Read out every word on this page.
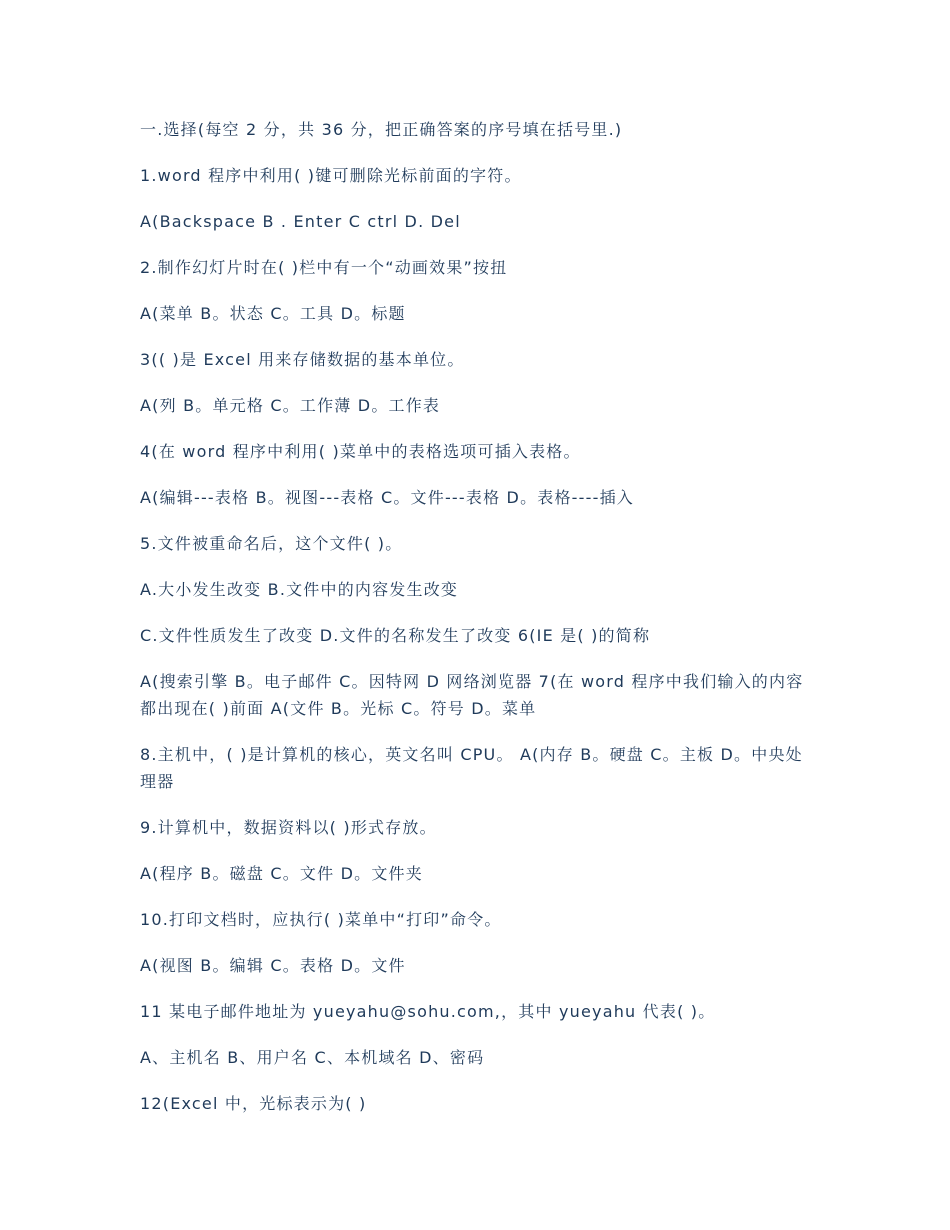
一.选择(每空 2 分，共 36 分，把正确答案的序号填在括号里.)

1.word 程序中利用( )键可删除光标前面的字符。

A(Backspace B . Enter C ctrl D. Del

2.制作幻灯片时在( )栏中有一个“动画效果”按扭

A(菜单 B。状态 C。工具 D。标题

3(( )是 Excel 用来存储数据的基本单位。

A(列 B。单元格 C。工作薄 D。工作表

4(在 word 程序中利用( )菜单中的表格选项可插入表格。

A(编辑---表格 B。视图---表格 C。文件---表格 D。表格----插入

5.文件被重命名后，这个文件( )。

A.大小发生改变 B.文件中的内容发生改变

C.文件性质发生了改变 D.文件的名称发生了改变 6(IE 是( )的简称

A(搜索引擎 B。电子邮件 C。因特网 D 网络浏览器 7(在 word 程序中我们输入的内容都出现在( )前面 A(文件 B。光标 C。符号 D。菜单

8.主机中，( )是计算机的核心，英文名叫 CPU。 A(内存 B。硬盘 C。主板 D。中央处理器

9.计算机中，数据资料以( )形式存放。

A(程序 B。磁盘 C。文件 D。文件夹

10.打印文档时，应执行( )菜单中“打印”命令。

A(视图 B。编辑 C。表格 D。文件

11 某电子邮件地址为 yueyahu@sohu.com,，其中 yueyahu 代表( )。

A、主机名 B、用户名 C、本机域名 D、密码

12(Excel 中，光标表示为( )
